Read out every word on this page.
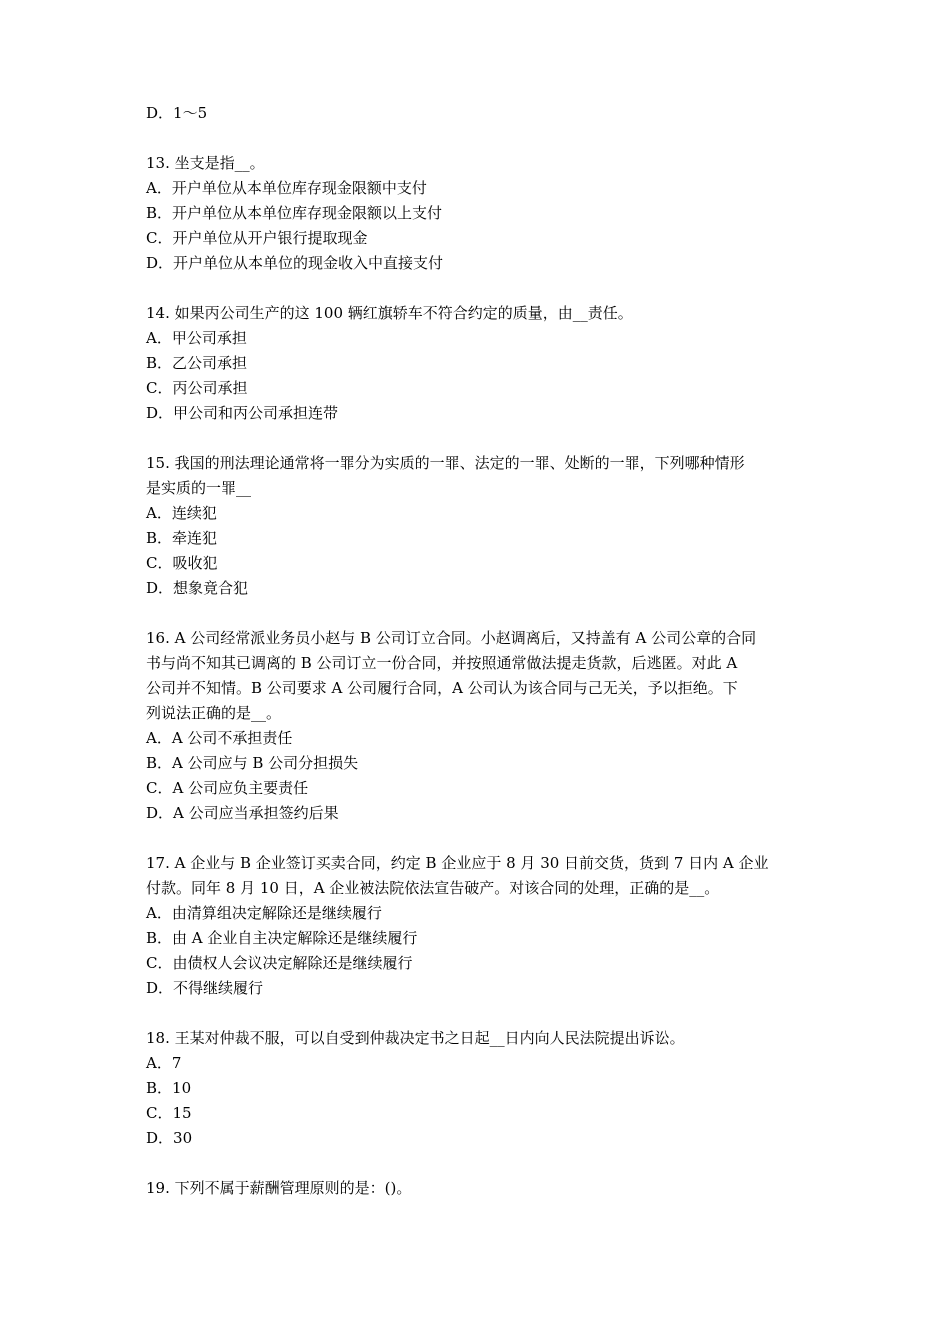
D．1～5
13. 坐支是指__。
A．开户单位从本单位库存现金限额中支付
B．开户单位从本单位库存现金限额以上支付
C．开户单位从开户银行提取现金
D．开户单位从本单位的现金收入中直接支付
14. 如果丙公司生产的这 100 辆红旗轿车不符合约定的质量，由__责任。
A．甲公司承担
B．乙公司承担
C．丙公司承担
D．甲公司和丙公司承担连带
15. 我国的刑法理论通常将一罪分为实质的一罪、法定的一罪、处断的一罪，下列哪种情形
是实质的一罪__
A．连续犯
B．牵连犯
C．吸收犯
D．想象竟合犯
16. A 公司经常派业务员小赵与 B 公司订立合同。小赵调离后，又持盖有 A 公司公章的合同
书与尚不知其已调离的 B 公司订立一份合同，并按照通常做法提走货款，后逃匿。对此 A
公司并不知情。B 公司要求 A 公司履行合同，A 公司认为该合同与己无关，予以拒绝。下
列说法正确的是__。
A．A 公司不承担责任
B．A 公司应与 B 公司分担损失
C．A 公司应负主要责任
D．A 公司应当承担签约后果
17. A 企业与 B 企业签订买卖合同，约定 B 企业应于 8 月 30 日前交货，货到 7 日内 A 企业
付款。同年 8 月 10 日，A 企业被法院依法宣告破产。对该合同的处理，正确的是__。
A．由清算组决定解除还是继续履行
B．由 A 企业自主决定解除还是继续履行
C．由债权人会议决定解除还是继续履行
D．不得继续履行
18. 王某对仲裁不服，可以自受到仲裁决定书之日起__日内向人民法院提出诉讼。
A．7
B．10
C．15
D．30
19. 下列不属于薪酬管理原则的是：()。
